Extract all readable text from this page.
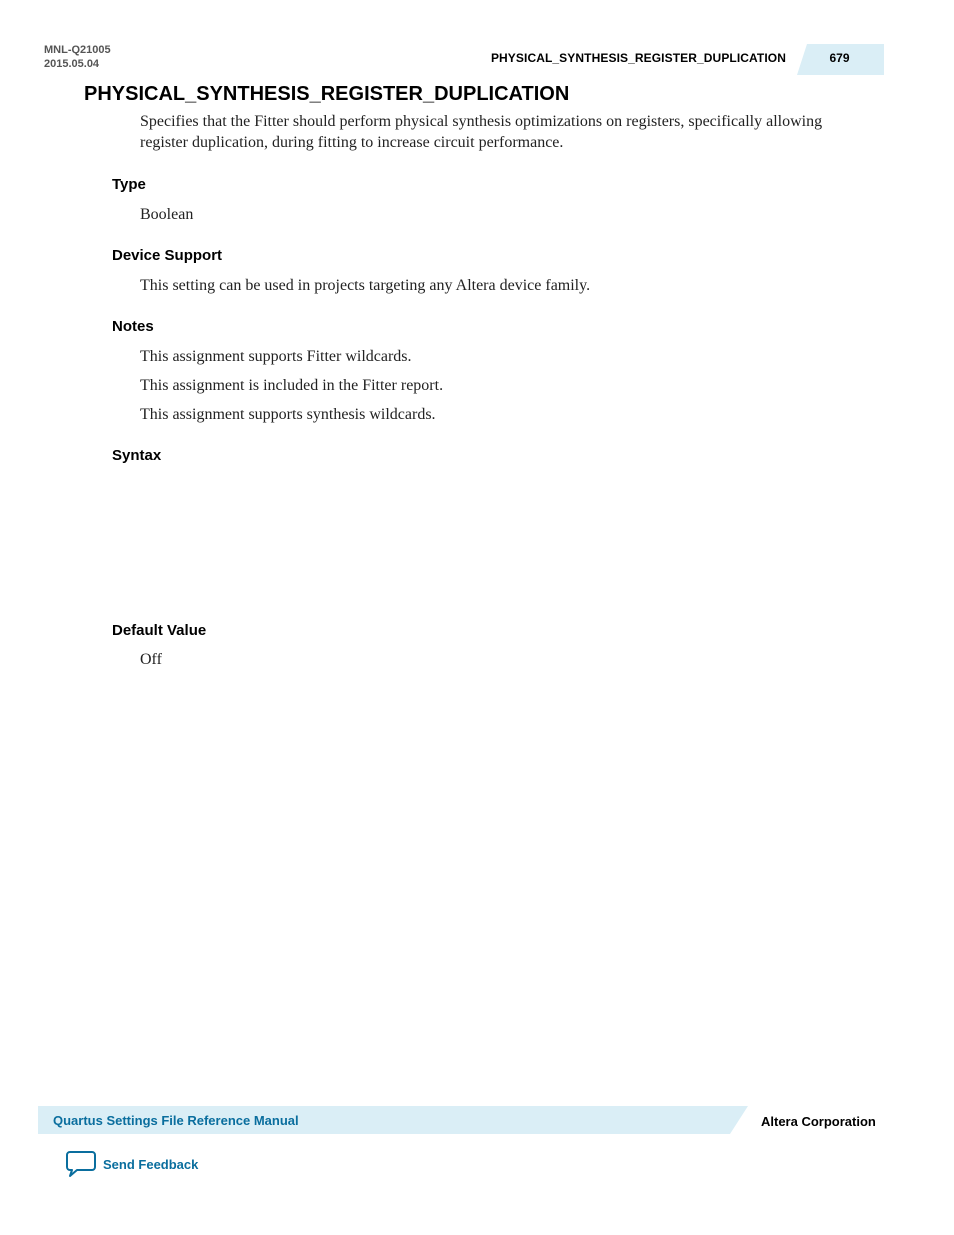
MNL-Q21005
2015.05.04	PHYSICAL_SYNTHESIS_REGISTER_DUPLICATION	679
PHYSICAL_SYNTHESIS_REGISTER_DUPLICATION
Specifies that the Fitter should perform physical synthesis optimizations on registers, specifically allowing
register duplication, during fitting to increase circuit performance.
Type
Boolean
Device Support
This setting can be used in projects targeting any Altera device family.
Notes
This assignment supports Fitter wildcards.
This assignment is included in the Fitter report.
This assignment supports synthesis wildcards.
Syntax
Default Value
Off
Quartus Settings File Reference Manual	Altera Corporation
Send Feedback
